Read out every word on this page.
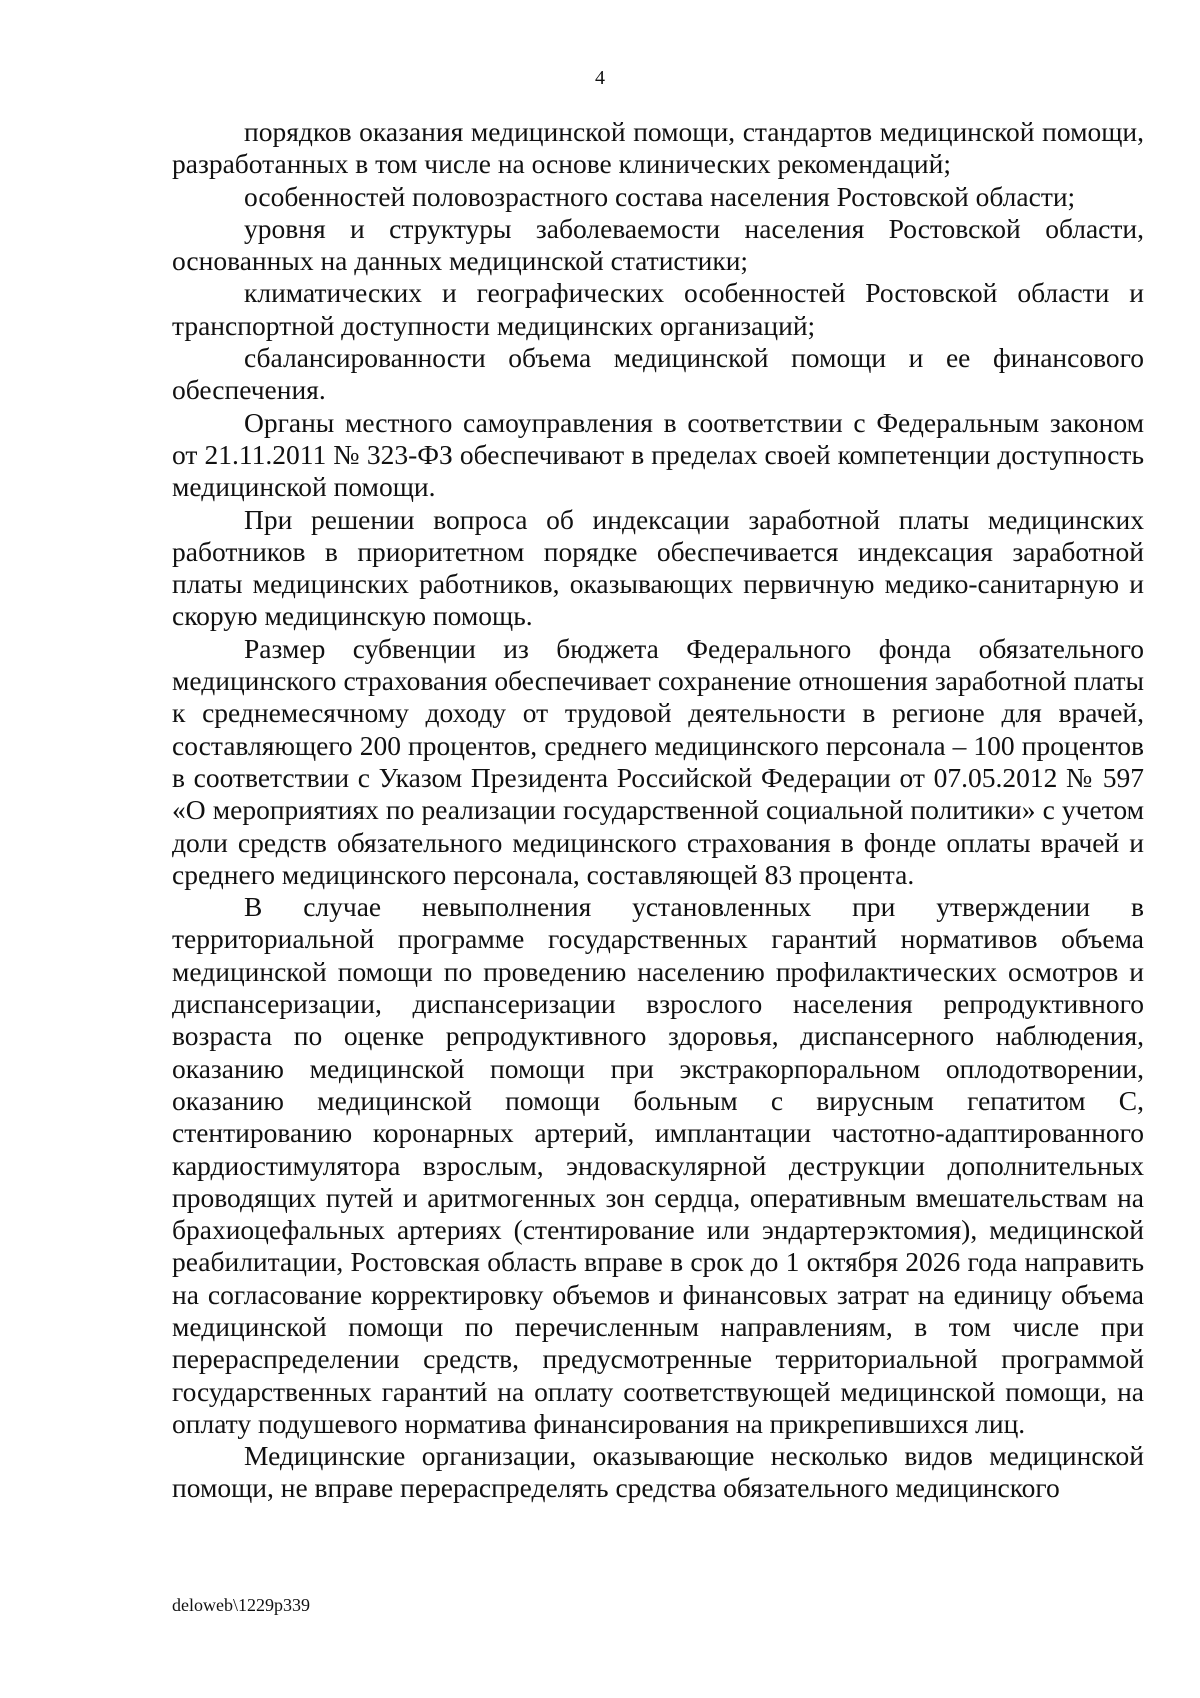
4

порядков оказания медицинской помощи, стандартов медицинской помощи, разработанных в том числе на основе клинических рекомендаций;

особенностей половозрастного состава населения Ростовской области;

уровня и структуры заболеваемости населения Ростовской области, основанных на данных медицинской статистики;

климатических и географических особенностей Ростовской области и транспортной доступности медицинских организаций;

сбалансированности объема медицинской помощи и ее финансового обеспечения.

Органы местного самоуправления в соответствии с Федеральным законом от 21.11.2011 № 323-ФЗ обеспечивают в пределах своей компетенции доступность медицинской помощи.

При решении вопроса об индексации заработной платы медицинских работников в приоритетном порядке обеспечивается индексация заработной платы медицинских работников, оказывающих первичную медико-санитарную и скорую медицинскую помощь.

Размер субвенции из бюджета Федерального фонда обязательного медицинского страхования обеспечивает сохранение отношения заработной платы к среднемесячному доходу от трудовой деятельности в регионе для врачей, составляющего 200 процентов, среднего медицинского персонала – 100 процентов в соответствии с Указом Президента Российской Федерации от 07.05.2012 № 597 «О мероприятиях по реализации государственной социальной политики» с учетом доли средств обязательного медицинского страхования в фонде оплаты врачей и среднего медицинского персонала, составляющей 83 процента.

В случае невыполнения установленных при утверждении в территориальной программе государственных гарантий нормативов объема медицинской помощи по проведению населению профилактических осмотров и диспансеризации, диспансеризации взрослого населения репродуктивного возраста по оценке репродуктивного здоровья, диспансерного наблюдения, оказанию медицинской помощи при экстракорпоральном оплодотворении, оказанию медицинской помощи больным с вирусным гепатитом С, стентированию коронарных артерий, имплантации частотно-адаптированного кардиостимулятора взрослым, эндоваскулярной деструкции дополнительных проводящих путей и аритмогенных зон сердца, оперативным вмешательствам на брахиоцефальных артериях (стентирование или эндартерэктомия), медицинской реабилитации, Ростовская область вправе в срок до 1 октября 2026 года направить на согласование корректировку объемов и финансовых затрат на единицу объема медицинской помощи по перечисленным направлениям, в том числе при перераспределении средств, предусмотренные территориальной программой государственных гарантий на оплату соответствующей медицинской помощи, на оплату подушевого норматива финансирования на прикрепившихся лиц.

Медицинские организации, оказывающие несколько видов медицинской помощи, не вправе перераспределять средства обязательного медицинского

deloweb\1229p339
